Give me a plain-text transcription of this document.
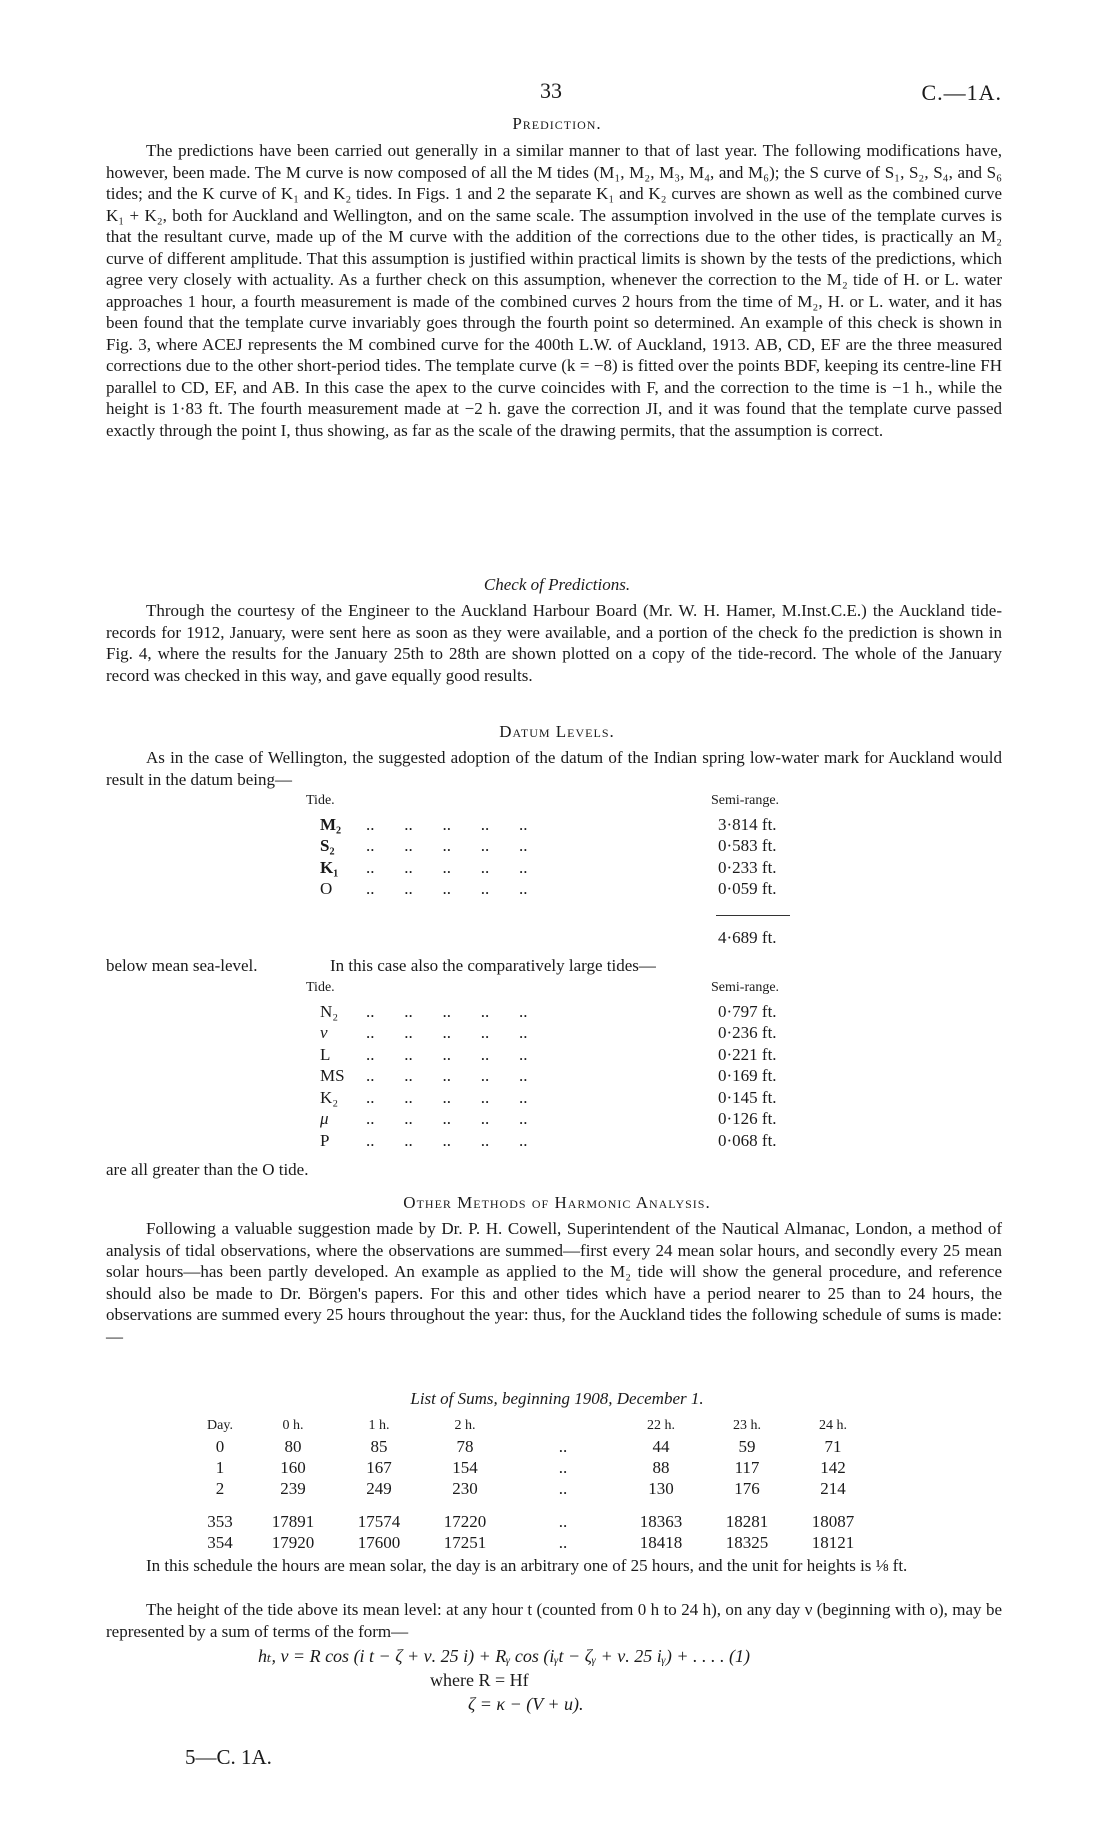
33	C.—1A.
Prediction.

The predictions have been carried out generally in a similar manner to that of last year. The following modifications have, however, been made. The M curve is now composed of all the M tides (M₁, M₂, M₃, M₄, and M₆); the S curve of S₁, S₂, S₄, and S₆ tides; and the K curve of K₁ and K₂ tides. In Figs. 1 and 2 the separate K₁ and K₂ curves are shown as well as the combined curve K₁ + K₂, both for Auckland and Wellington, and on the same scale. The assumption involved in the use of the template curves is that the resultant curve, made up of the M curve with the addition of the corrections due to the other tides, is practically an M₂ curve of different amplitude. That this assumption is justified within practical limits is shown by the tests of the predictions, which agree very closely with actuality. As a further check on this assumption, whenever the correction to the M₂ tide of H. or L. water approaches 1 hour, a fourth measurement is made of the combined curves 2 hours from the time of M₂, H. or L. water, and it has been found that the template curve invariably goes through the fourth point so determined. An example of this check is shown in Fig. 3, where ACEJ represents the M combined curve for the 400th L.W. of Auckland, 1913. AB, CD, EF are the three measured corrections due to the other short-period tides. The template curve (k = −8) is fitted over the points BDF, keeping its centre-line FH parallel to CD, EF, and AB. In this case the apex to the curve coincides with F, and the correction to the time is −1 h., while the height is 1·83 ft. The fourth measurement made at −2 h. gave the correction JI, and it was found that the template curve passed exactly through the point I, thus showing, as far as the scale of the drawing permits, that the assumption is correct.

Check of Predictions.

Through the courtesy of the Engineer to the Auckland Harbour Board (Mr. W. H. Hamer, M.Inst.C.E.) the Auckland tide-records for 1912, January, were sent here as soon as they were available, and a portion of the check fo the prediction is shown in Fig. 4, where the results for the January 25th to 28th are shown plotted on a copy of the tide-record. The whole of the January record was checked in this way, and gave equally good results.

Datum Levels.

As in the case of Wellington, the suggested adoption of the datum of the Indian spring low-water mark for Auckland would result in the datum being—

Tide.	Semi-range.
M₂ ..       ..       ..       ..       ..	3·814 ft.
S₂ ..       ..       ..       ..       ..	0·583 ft.
K₁ ..       ..       ..       ..       ..	0·233 ft.
O ..       ..       ..       ..       ..	0·059 ft.
4·689 ft.
below mean sea-level.	In this case also the comparatively large tides—
Tide.	Semi-range.
N₂ ..       ..       ..       ..       ..	0·797 ft.
ν ..       ..       ..       ..       ..	0·236 ft.
L ..       ..       ..       ..       ..	0·221 ft.
MS ..       ..       ..       ..       ..	0·169 ft.
K₂ ..       ..       ..       ..       ..	0·145 ft.
μ ..       ..       ..       ..       ..	0·126 ft.
P ..       ..       ..       ..       ..	0·068 ft.
are all greater than the O tide.
Other Methods of Harmonic Analysis.

Following a valuable suggestion made by Dr. P. H. Cowell, Superintendent of the Nautical Almanac, London, a method of analysis of tidal observations, where the observations are summed—first every 24 mean solar hours, and secondly every 25 mean solar hours—has been partly developed. An example as applied to the M₂ tide will show the general procedure, and reference should also be made to Dr. Börgen's papers. For this and other tides which have a period nearer to 25 than to 24 hours, the observations are summed every 25 hours throughout the year: thus, for the Auckland tides the following schedule of sums is made:—

List of Sums, beginning 1908, December 1.
Day.	0 h.	1 h.	2 h.		22 h.	23 h.	24 h.
0	80	85	78	..	44	59	71
1	160	167	154	..	88	117	142
2	239	249	230	..	130	176	214

353	17891	17574	17220	..	18363	18281	18087
354	17920	17600	17251	..	18418	18325	18121

In this schedule the hours are mean solar, the day is an arbitrary one of 25 hours, and the unit for heights is ⅛ ft.

The height of the tide above its mean level: at any hour t (counted from 0 h to 24 h), on any day ν (beginning with o), may be represented by a sum of terms of the form—

hₜ, ν = R cos (i t − ζ + ν. 25 i) + Rᵧ cos (iᵧt − ζᵧ + ν. 25 iᵧ) + . . . . (1)
where R = Hf
ζ = κ − (V + u).
5—C. 1A.
